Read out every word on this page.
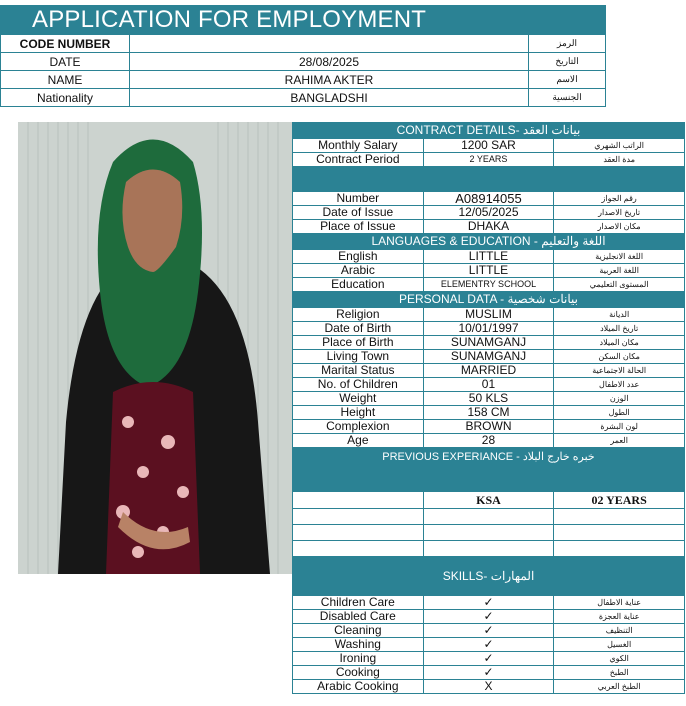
APPLICATION FOR EMPLOYMENT
CODE NUMBER		الرمز
DATE	28/08/2025	التاريخ
NAME	RAHIMA AKTER	الاسم
Nationality	BANGLADSHI	الجنسية
CONTRACT DETAILS- بيانات العقد		
Monthly Salary	1200 SAR	الراتب الشهري
Contract Period	2 YEARS	مدة العقد

Number	A08914055	رقم الجواز
Date of Issue	12/05/2025	تاريخ الاصدار
Place of Issue	DHAKA	مكان الاصدار
LANGUAGES & EDUCATION - اللغة والتعليم		
English	LITTLE	اللغة الانجليزية
Arabic	LITTLE	اللغة العربية
Education	ELEMENTRY SCHOOL	المستوى التعليمي
PERSONAL DATA - بيانات شخصية		
Religion	MUSLIM	الديانة
Date of Birth	10/01/1997	تاريخ الميلاد
Place of Birth	SUNAMGANJ	مكان الميلاد
Living Town	SUNAMGANJ	مكان السكن
Marital Status	MARRIED	الحالة الاجتماعية
No. of Children	01	عدد الاطفال
Weight	50 KLS	الوزن
Height	158 CM	الطول
Complexion	BROWN	لون البشرة
Age	28	العمر
PREVIOUS EXPERIANCE - خبره خارج البلاد		
	KSA	02 YEARS

SKILLS- المهارات		
Children Care	✓	عناية الاطفال
Disabled Care	✓	عناية العجزة
Cleaning	✓	التنظيف
Washing	✓	الغسيل
Ironing	✓	الكوي
Cooking	✓	الطبخ
Arabic Cooking	X	الطبخ العربي
